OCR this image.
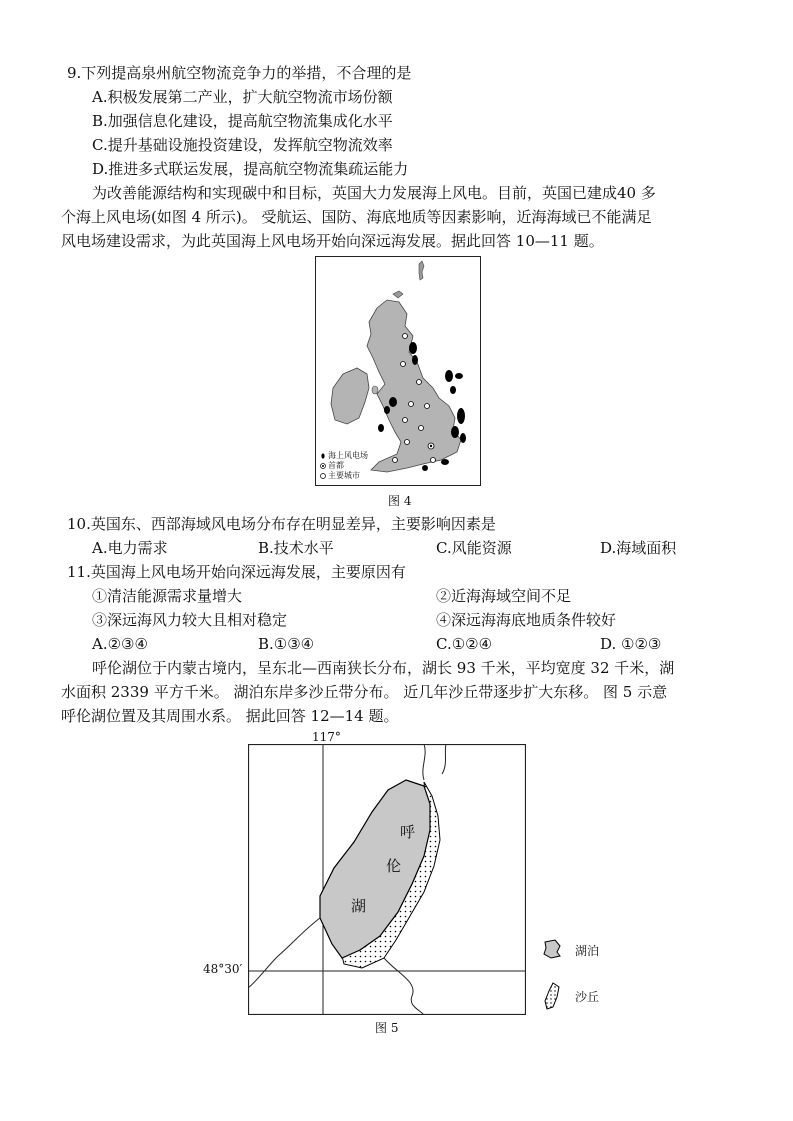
9.下列提高泉州航空物流竞争力的举措，不合理的是
A.积极发展第二产业，扩大航空物流市场份额
B.加强信息化建设，提高航空物流集成化水平
C.提升基础设施投资建设，发挥航空物流效率
D.推进多式联运发展，提高航空物流集疏运能力
为改善能源结构和实现碳中和目标，英国大力发展海上风电。目前，英国已建成40 多
个海上风电场(如图 4 所示)。 受航运、国防、海底地质等因素影响，近海海域已不能满足
风电场建设需求，为此英国海上风电场开始向深远海发展。据此回答 10—11 题。
海上风电场
首都
主要城市
图 4
10.英国东、西部海域风电场分布存在明显差异，主要影响因素是
A.电力需求	B.技术水平	C.风能资源	D.海域面积
11.英国海上风电场开始向深远海发展，主要原因有
①清洁能源需求量增大	②近海海域空间不足
③深远海风力较大且相对稳定	④深远海海底地质条件较好
A.②③④	B.①③④	C.①②④	D. ①②③
呼伦湖位于内蒙古境内，呈东北—西南狭长分布，湖长 93 千米，平均宽度 32 千米，湖
水面积 2339 平方千米。 湖泊东岸多沙丘带分布。 近几年沙丘带逐步扩大东移。 图 5 示意
呼伦湖位置及其周围水系。 据此回答 12—14 题。
117°
呼
伦
湖
48°30′
湖泊
沙丘
图 5
